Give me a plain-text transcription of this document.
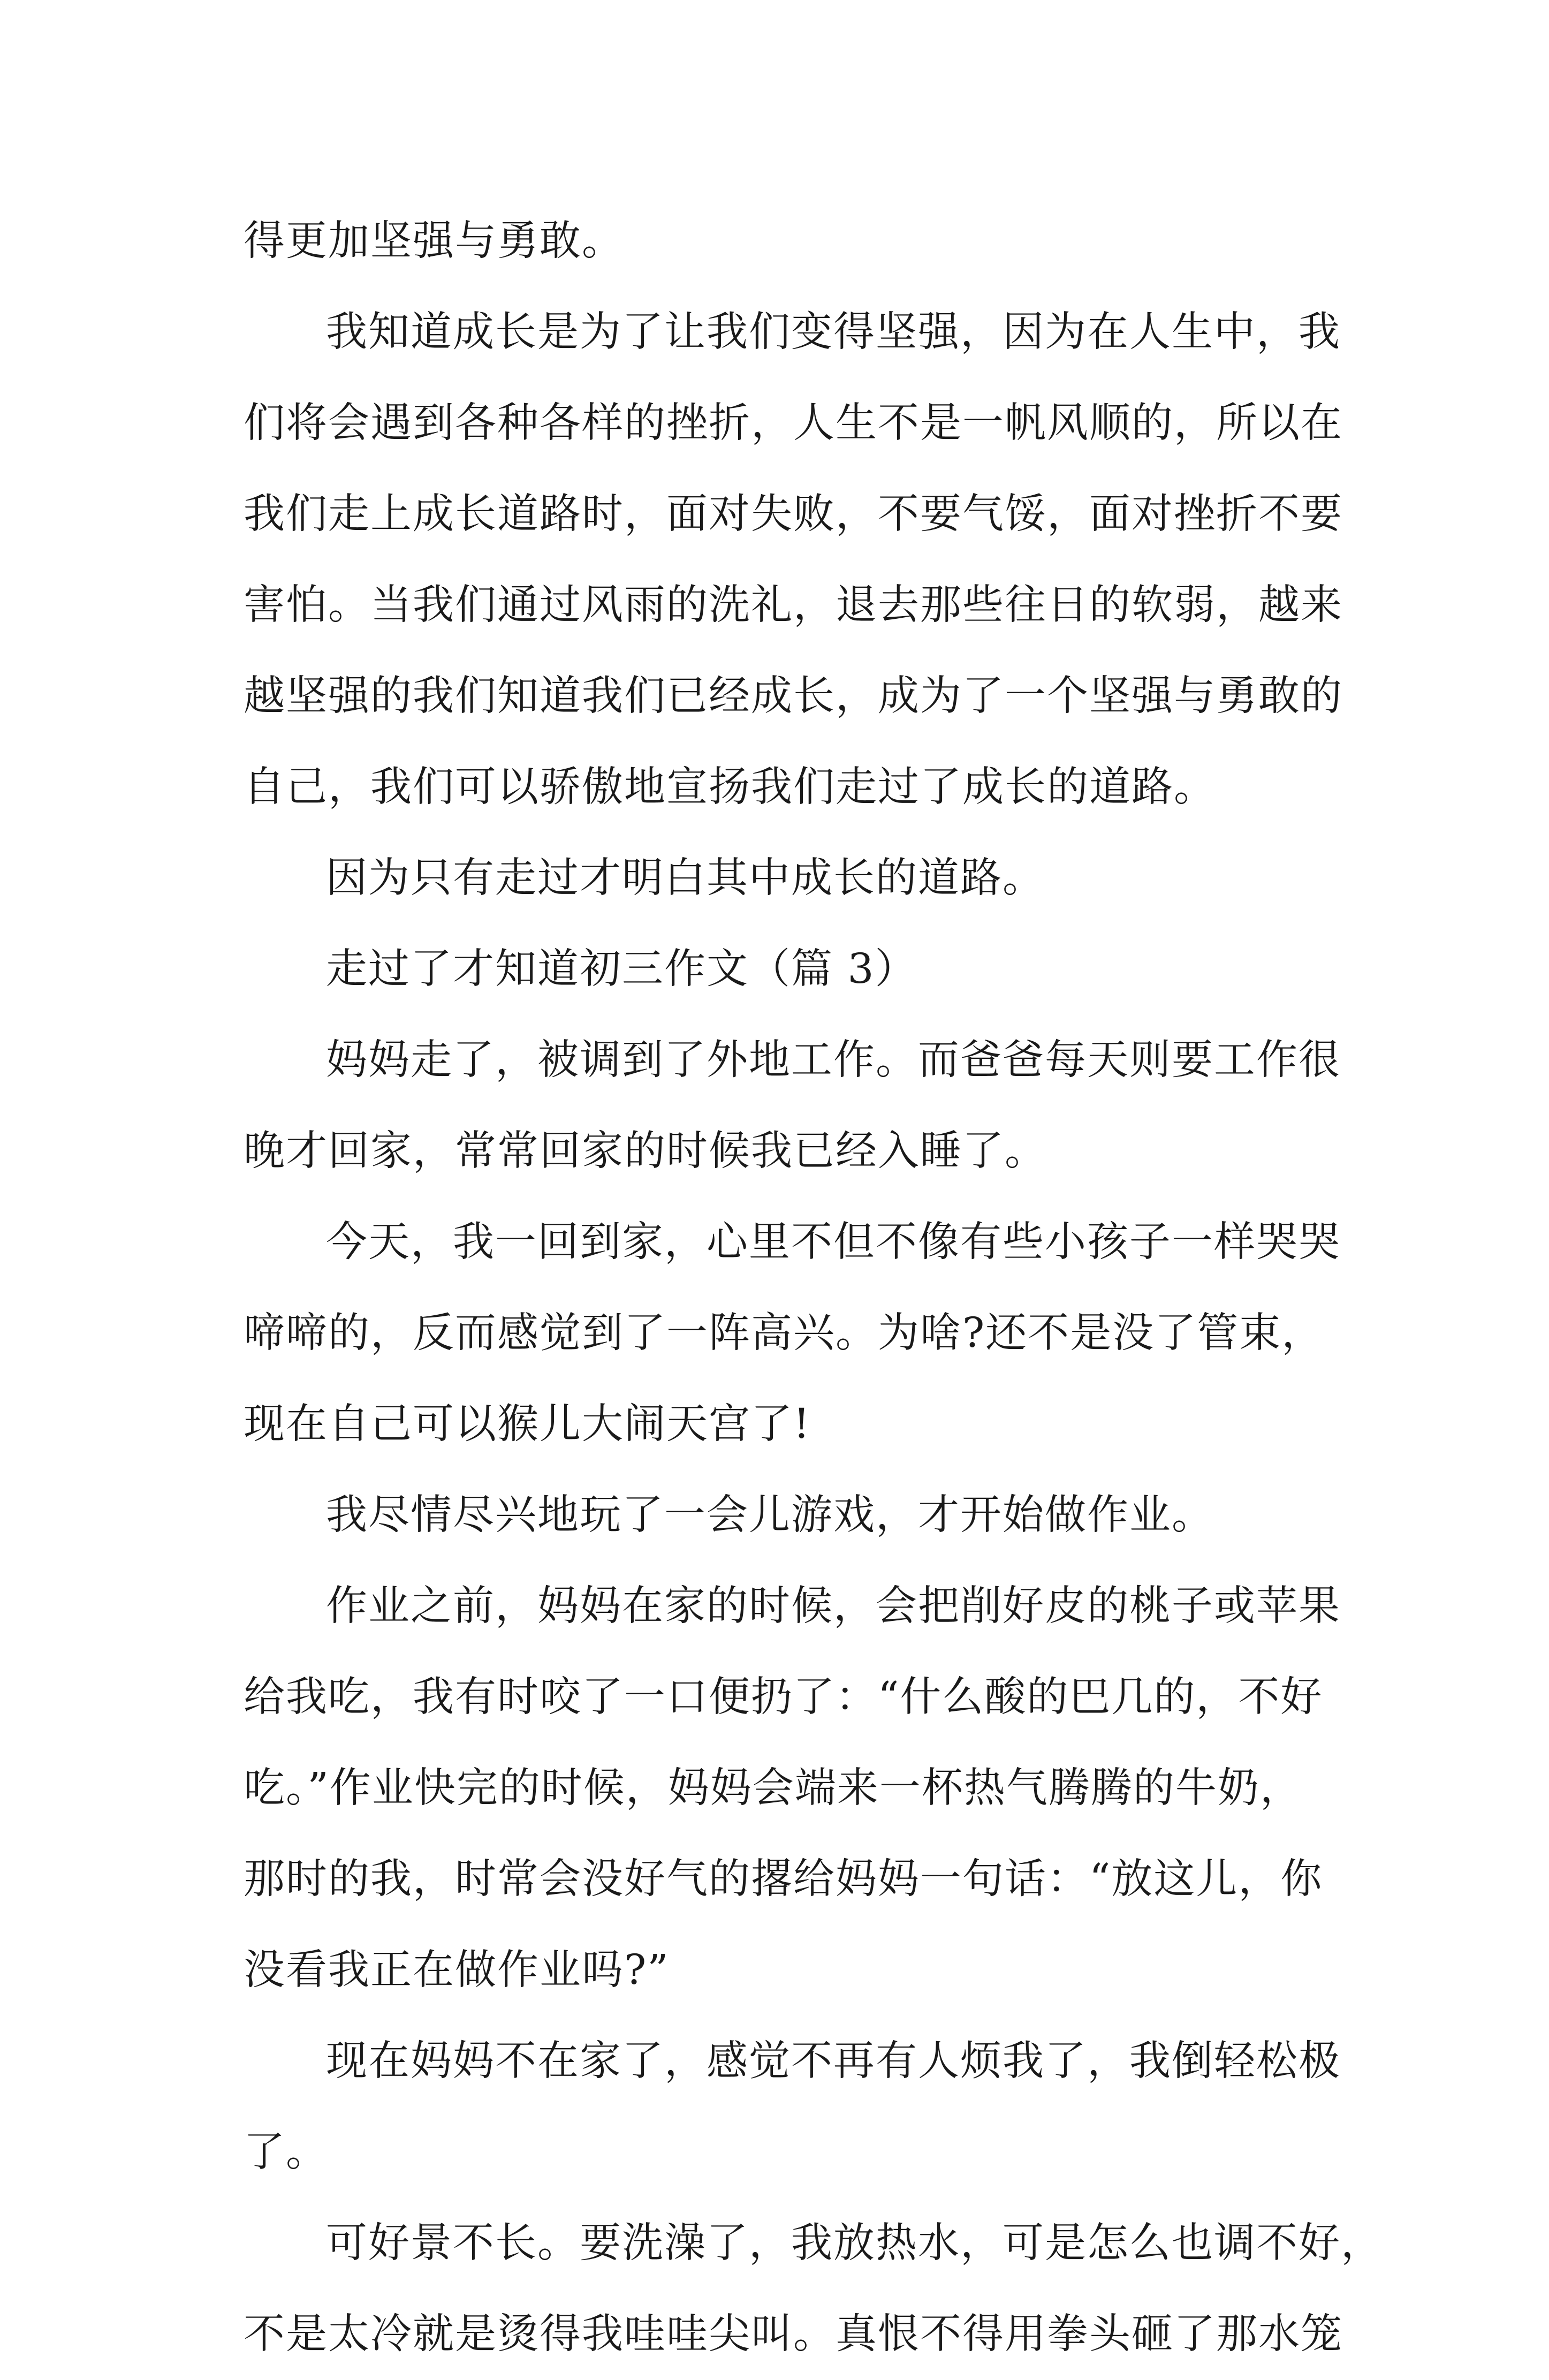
得更加坚强与勇敢。
我知道成长是为了让我们变得坚强，因为在人生中，我
们将会遇到各种各样的挫折，人生不是一帆风顺的，所以在
我们走上成长道路时，面对失败，不要气馁，面对挫折不要
害怕。当我们通过风雨的洗礼，退去那些往日的软弱，越来
越坚强的我们知道我们已经成长，成为了一个坚强与勇敢的
自己，我们可以骄傲地宣扬我们走过了成长的道路。
因为只有走过才明白其中成长的道路。
走过了才知道初三作文（篇 3）
妈妈走了，被调到了外地工作。而爸爸每天则要工作很
晚才回家，常常回家的时候我已经入睡了。
今天，我一回到家，心里不但不像有些小孩子一样哭哭
啼啼的，反而感觉到了一阵高兴。为啥?还不是没了管束，
现在自己可以猴儿大闹天宫了!
我尽情尽兴地玩了一会儿游戏，才开始做作业。
作业之前，妈妈在家的时候，会把削好皮的桃子或苹果
给我吃，我有时咬了一口便扔了：“什么酸的巴几的，不好
吃。”作业快完的时候，妈妈会端来一杯热气腾腾的牛奶，
那时的我，时常会没好气的撂给妈妈一句话：“放这儿，你
没看我正在做作业吗?”
现在妈妈不在家了，感觉不再有人烦我了，我倒轻松极
了。
可好景不长。要洗澡了，我放热水，可是怎么也调不好，
不是太冷就是烫得我哇哇尖叫。真恨不得用拳头砸了那水笼
